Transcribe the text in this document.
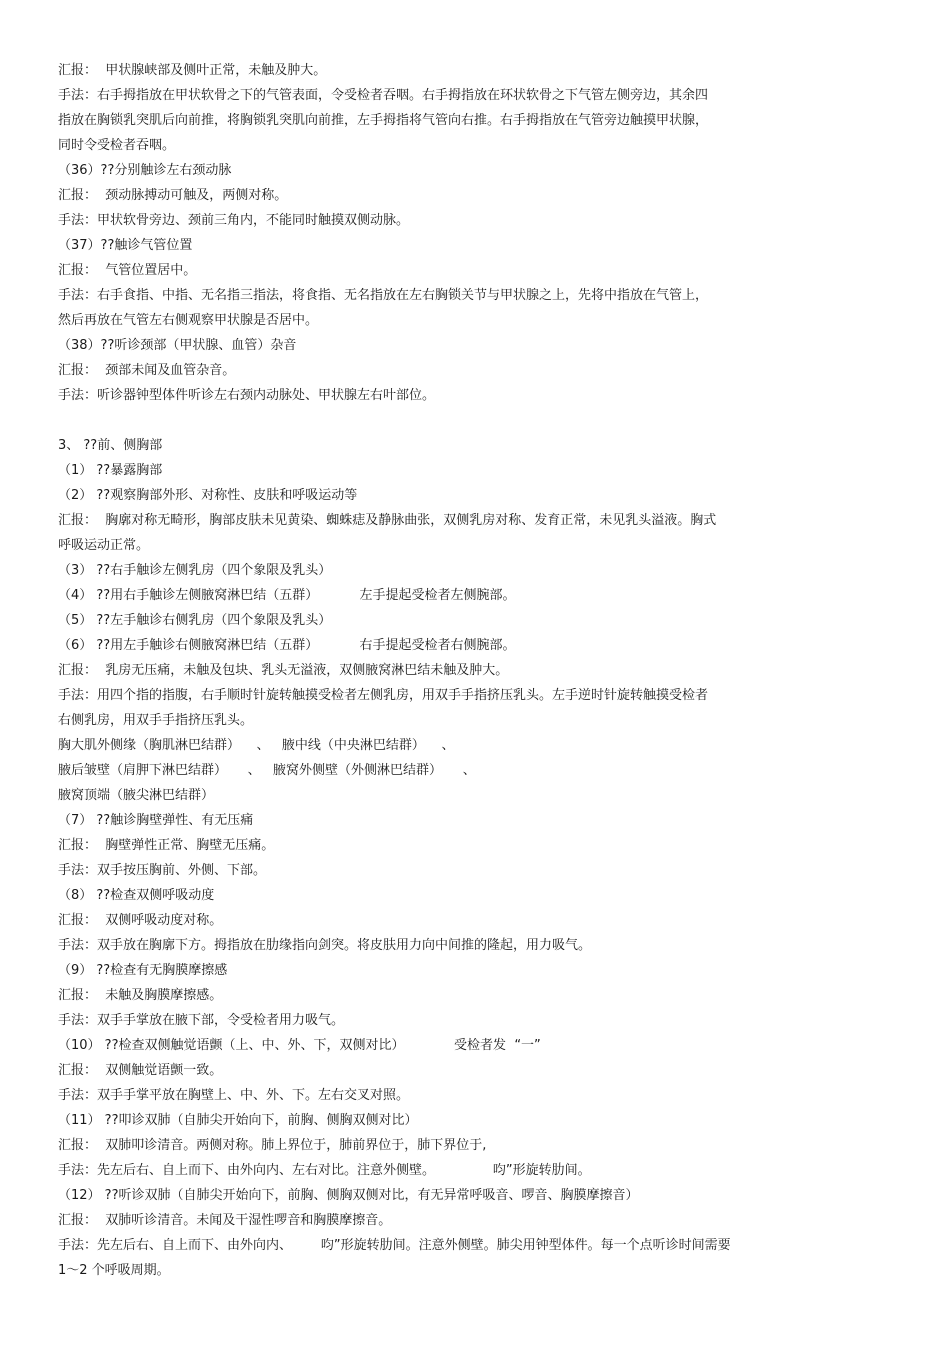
汇报：  甲状腺峡部及侧叶正常，未触及肿大。
手法：右手拇指放在甲状软骨之下的气管表面，令受检者吞咽。右手拇指放在环状软骨之下气管左侧旁边，其余四
指放在胸锁乳突肌后向前推，将胸锁乳突肌向前推，左手拇指将气管向右推。右手拇指放在气管旁边触摸甲状腺，
同时令受检者吞咽。
（36）??分别触诊左右颈动脉
汇报：  颈动脉搏动可触及，两侧对称。
手法：甲状软骨旁边、颈前三角内，不能同时触摸双侧动脉。
（37）??触诊气管位置
汇报：  气管位置居中。
手法：右手食指、中指、无名指三指法，将食指、无名指放在左右胸锁关节与甲状腺之上，先将中指放在气管上，
然后再放在气管左右侧观察甲状腺是否居中。
（38）??听诊颈部（甲状腺、血管）杂音
汇报：  颈部未闻及血管杂音。
手法：听诊器钟型体件听诊左右颈内动脉处、甲状腺左右叶部位。
3、 ??前、侧胸部
（1） ??暴露胸部
（2） ??观察胸部外形、对称性、皮肤和呼吸运动等
汇报：  胸廓对称无畸形，胸部皮肤未见黄染、蜘蛛痣及静脉曲张，双侧乳房对称、发育正常，未见乳头溢液。胸式
呼吸运动正常。
（3） ??右手触诊左侧乳房（四个象限及乳头）
（4） ??用右手触诊左侧腋窝淋巴结（五群）          左手提起受检者左侧腕部。
（5） ??左手触诊右侧乳房（四个象限及乳头）
（6） ??用左手触诊右侧腋窝淋巴结（五群）          右手提起受检者右侧腕部。
汇报：  乳房无压痛，未触及包块、乳头无溢液，双侧腋窝淋巴结未触及肿大。
手法：用四个指的指腹，右手顺时针旋转触摸受检者左侧乳房，用双手手指挤压乳头。左手逆时针旋转触摸受检者
右侧乳房，用双手手指挤压乳头。
胸大肌外侧缘（胸肌淋巴结群）    、   腋中线（中央淋巴结群）    、
腋后皱壁（肩胛下淋巴结群）     、   腋窝外侧壁（外侧淋巴结群）     、
腋窝顶端（腋尖淋巴结群）
（7） ??触诊胸壁弹性、有无压痛
汇报：  胸壁弹性正常、胸壁无压痛。
手法：双手按压胸前、外侧、下部。
（8） ??检查双侧呼吸动度
汇报：  双侧呼吸动度对称。
手法：双手放在胸廓下方。拇指放在肋缘指向剑突。将皮肤用力向中间推的隆起，用力吸气。
（9） ??检查有无胸膜摩擦感
汇报：  未触及胸膜摩擦感。
手法：双手手掌放在腋下部，令受检者用力吸气。
（10） ??检查双侧触觉语颤（上、中、外、下，双侧对比）            受检者发  “一”
汇报：  双侧触觉语颤一致。
手法：双手手掌平放在胸壁上、中、外、下。左右交叉对照。
（11） ??叩诊双肺（自肺尖开始向下，前胸、侧胸双侧对比）
汇报：  双肺叩诊清音。两侧对称。肺上界位于，肺前界位于，肺下界位于,
手法：先左后右、自上而下、由外向内、左右对比。注意外侧壁。              呁”形旋转肋间。
（12） ??听诊双肺（自肺尖开始向下，前胸、侧胸双侧对比，有无异常呼吸音、啰音、胸膜摩擦音）
汇报：  双肺听诊清音。未闻及干湿性啰音和胸膜摩擦音。
手法：先左后右、自上而下、由外向内、       呁”形旋转肋间。注意外侧壁。肺尖用钟型体件。每一个点听诊时间需要
1～2 个呼吸周期。
